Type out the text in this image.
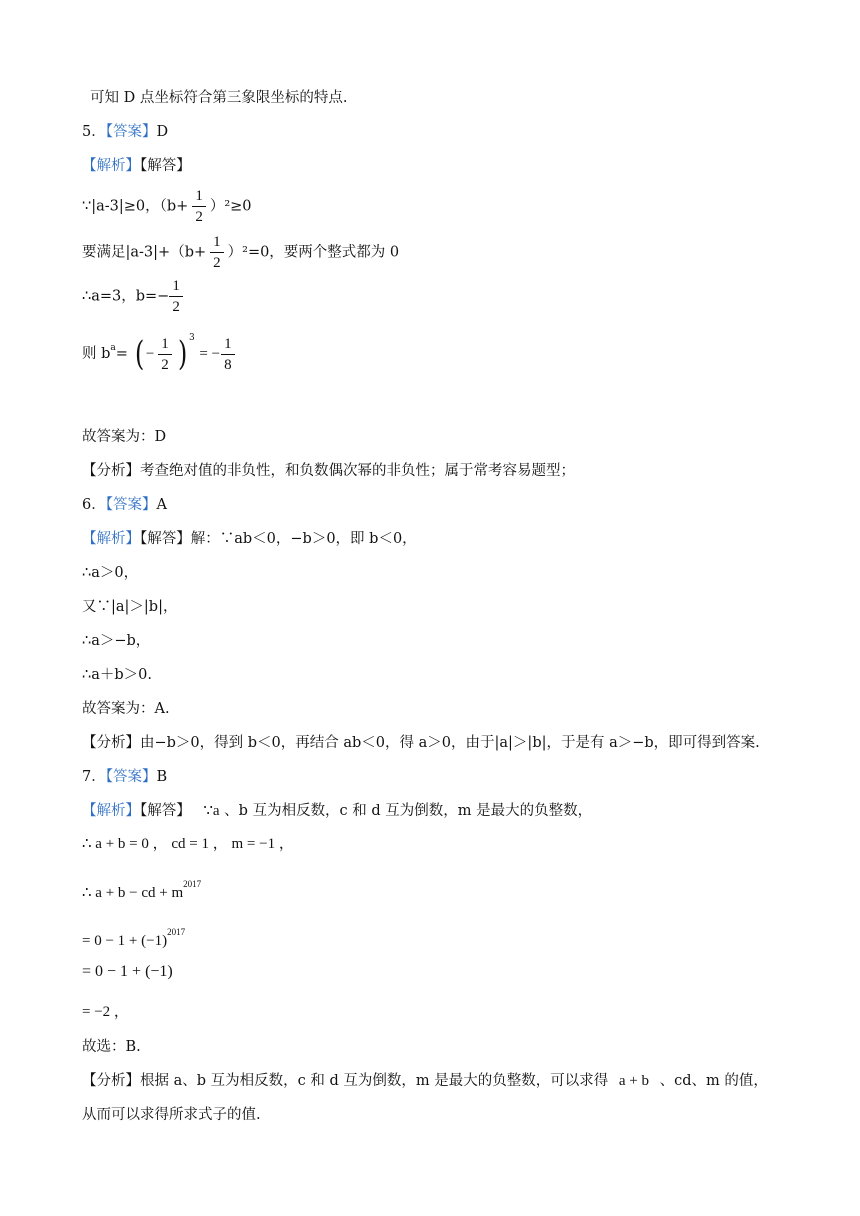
可知 D 点坐标符合第三象限坐标的特点.
5．【答案】D
【解析】【解答】
∵|a-3|≥0，$(b+ \frac{1}{2} )^2\ge 0$
要满足$|a-3|+(b+ \frac{1}{2} )^2=0$，要两个整式都为 0
∴a=3，$b=- \frac{1}{2}$
则 $b^a=$ ( − $\frac{1}{2}$ ) $^3$ = − $\frac{1}{8}$
故答案为：D
【分析】考查绝对值的非负性，和负数偶次幂的非负性；属于常考容易题型；
6．【答案】A
【解析】【解答】解：∵ab＜0，−b＞0，即 b＜0，
∴a＞0，
又∵|a|＞|b|，
∴a＞−b，
∴a＋b＞0.
故答案为：A.
【分析】由−b＞0，得到 b＜0，再结合 ab＜0，得 a＞0，由于|a|＞|b|，于是有 a＞−b，即可得到答案.
7．【答案】B
【解析】【解答】 ∵a 、b 互为相反数，c 和 d 互为倒数，m 是最大的负整数，
∴ a + b = 0 ， cd = 1 ， m = −1 ，
∴ a + b − cd + $m^{2017}$
= $0 - 1 + (-1)^{2017}$
= 0 − 1 + (−1)
= −2 ，
故选：B.
【分析】根据 a、b 互为相反数，c 和 d 互为倒数，m 是最大的负整数，可以求得 a + b 、cd、m 的值，
从而可以求得所求式子的值.
